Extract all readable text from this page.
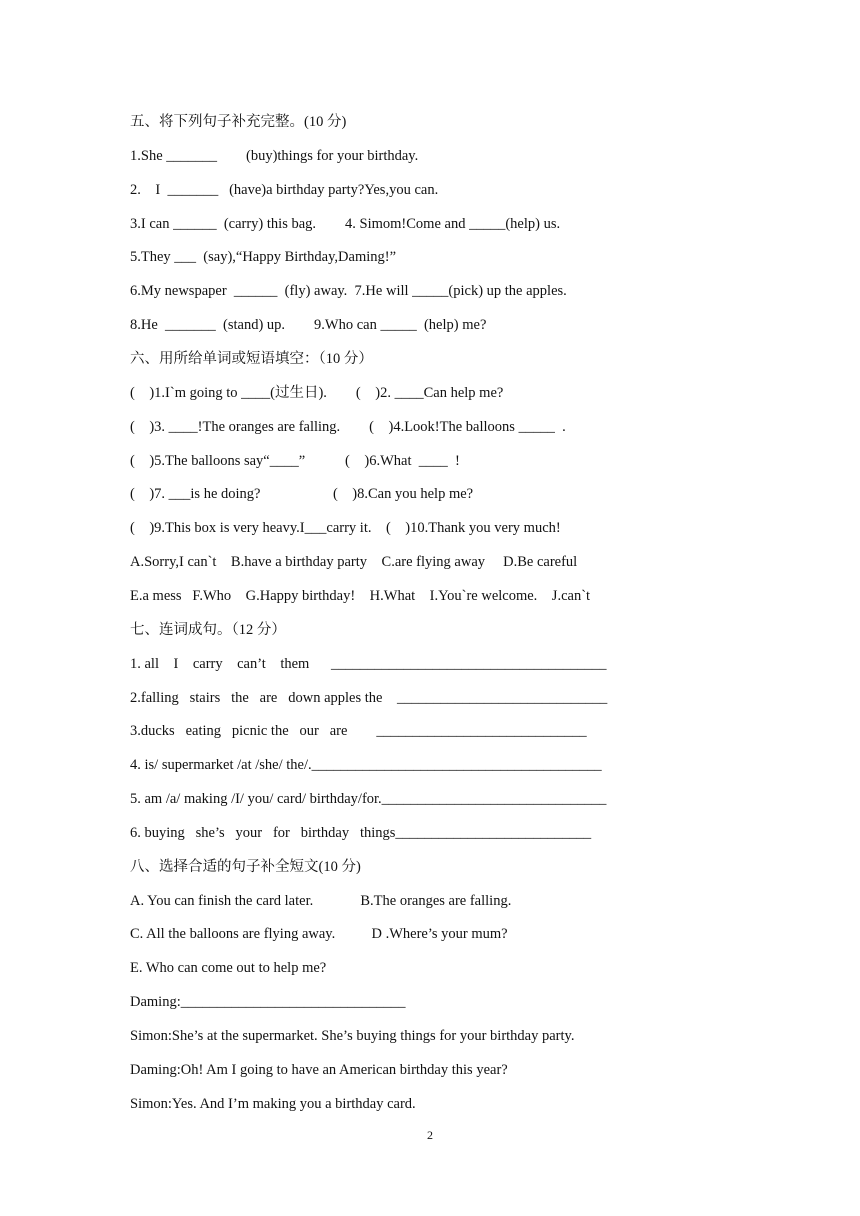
五、将下列句子补充完整。(10 分)
1.She _______        (buy)things for your birthday.
2.    I  _______   (have)a birthday party?Yes,you can.
3.I can ______  (carry) this bag.        4. Simom!Come and _____(help) us.
5.They ___  (say),“Happy Birthday,Daming!”
6.My newspaper  ______  (fly) away.  7.He will _____(pick) up the apples.
8.He  _______  (stand) up.        9.Who can _____  (help) me?
六、用所给单词或短语填空：（10 分）
(    )1.I`m going to ____(过生日).        (    )2. ____Can help me?
(    )3. ____!The oranges are falling.        (    )4.Look!The balloons _____  .
(    )5.The balloons say“____”           (    )6.What  ____  !
(    )7. ___is he doing?                    (    )8.Can you help me?
(    )9.This box is very heavy.I___carry it.    (    )10.Thank you very much!
A.Sorry,I can`t    B.have a birthday party    C.are flying away     D.Be careful
E.a mess   F.Who    G.Happy birthday!    H.What    I.You`re welcome.    J.can`t
七、连词成句。（12 分）
1. all    I    carry    can’t    them      ______________________________________
2.falling   stairs   the   are   down apples the    _____________________________
3.ducks   eating   picnic the   our   are        _____________________________
4. is/ supermarket /at /she/ the/.________________________________________
5. am /a/ making /I/ you/ card/ birthday/for._______________________________
6. buying   she’s   your   for   birthday   things___________________________
八、选择合适的句子补全短文(10 分)
A. You can finish the card later.             B.The oranges are falling.
C. All the balloons are flying away.          D .Where’s your mum?
E. Who can come out to help me?
Daming:_______________________________
Simon:She’s at the supermarket. She’s buying things for your birthday party.
Daming:Oh! Am I going to have an American birthday this year?
Simon:Yes. And I’m making you a birthday card.
2
